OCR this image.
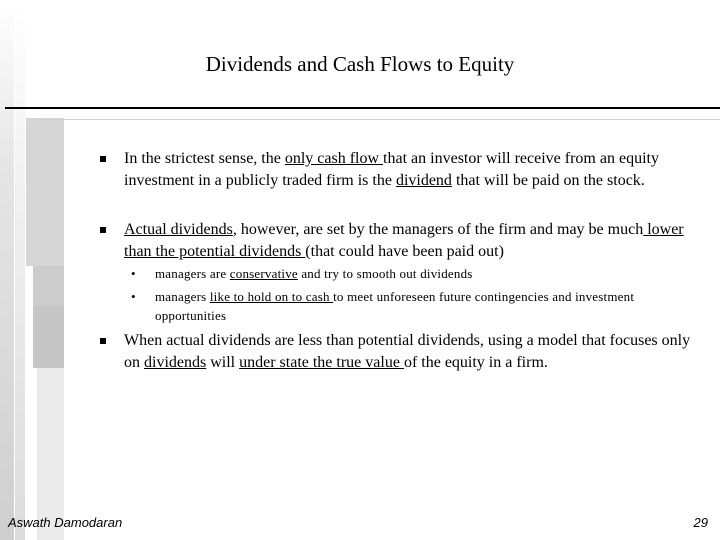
Dividends and Cash Flows to Equity
In the strictest sense, the only cash flow that an investor will receive from an equity investment in a publicly traded firm is the dividend that will be paid on the stock.
Actual dividends, however, are set by the managers of the firm and may be much lower than the potential dividends (that could have been paid out)
• managers are conservative and try to smooth out dividends
• managers like to hold on to cash to meet unforeseen future contingencies and investment opportunities
When actual dividends are less than potential dividends, using a model that focuses only on dividends will under state the true value of the equity in a firm.
Aswath Damodaran	29
